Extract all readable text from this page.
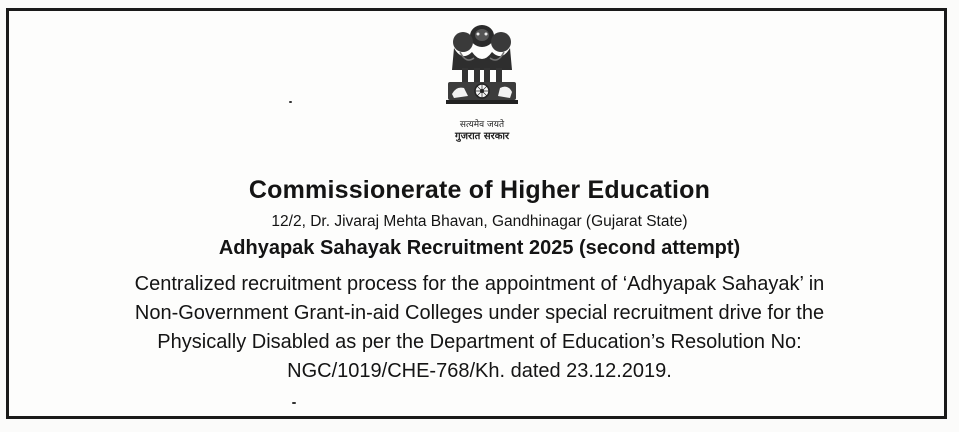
सत्यमेव जयते
गुजरात सरकार
Commissionerate of Higher Education
12/2, Dr. Jivaraj Mehta Bhavan, Gandhinagar (Gujarat State)
Adhyapak Sahayak Recruitment 2025 (second attempt)
Centralized recruitment process for the appointment of ‘Adhyapak Sahayak’ in
Non-Government Grant-in-aid Colleges under special recruitment drive for the
Physically Disabled as per the Department of Education’s Resolution No:
NGC/1019/CHE-768/Kh. dated 23.12.2019.
